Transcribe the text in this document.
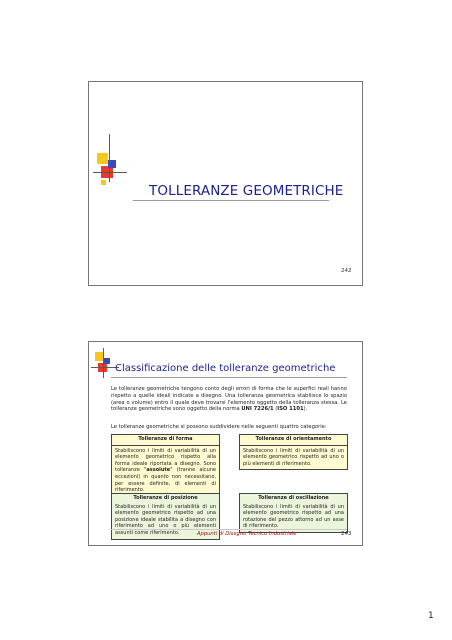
TOLLERANZE GEOMETRICHE
242
Classificazione delle tolleranze geometriche
Le tolleranze geometriche tengono conto degli errori di forma che le superfici reali hanno rispetto a quelle ideali indicate a disegno. Una tolleranza geometrica stabilisce lo spazio (area o volume) entro il quale deve trovarsi l'elemento oggetto della tolleranza stessa. Le tolleranze geometriche sono oggetto della norma UNI 7226/1 (ISO 1101).
Le tolleranze geometriche si possono suddividere nelle seguenti quattro categorie:
Tolleranze di forma
Stabiliscono i limiti di variabilità di un elemento geometrico rispetto alla forma ideale riportata a disegno. Sono tolleranze "assolute" (tranne alcune eccezioni) in quanto non necessitano, per essere definite, di elementi di riferimento.
Tolleranze di orientamento
Stabiliscono i limiti di variabilità di un elemento geometrico rispetto ad uno o più elementi di riferimento.
Tolleranze di posizione
Stabiliscono i limiti di variabilità di un elemento geometrico rispetto ad una posizione ideale stabilita a disegno con riferimento ad uno o più elementi assunti come riferimento.
Tolleranze di oscillazione
Stabiliscono i limiti di variabilità di un elemento geometrico rispetto ad una rotazione del pezzo attorno ad un asse di riferimento.
Appunti di Disegno Tecnico Industriale	243
1
